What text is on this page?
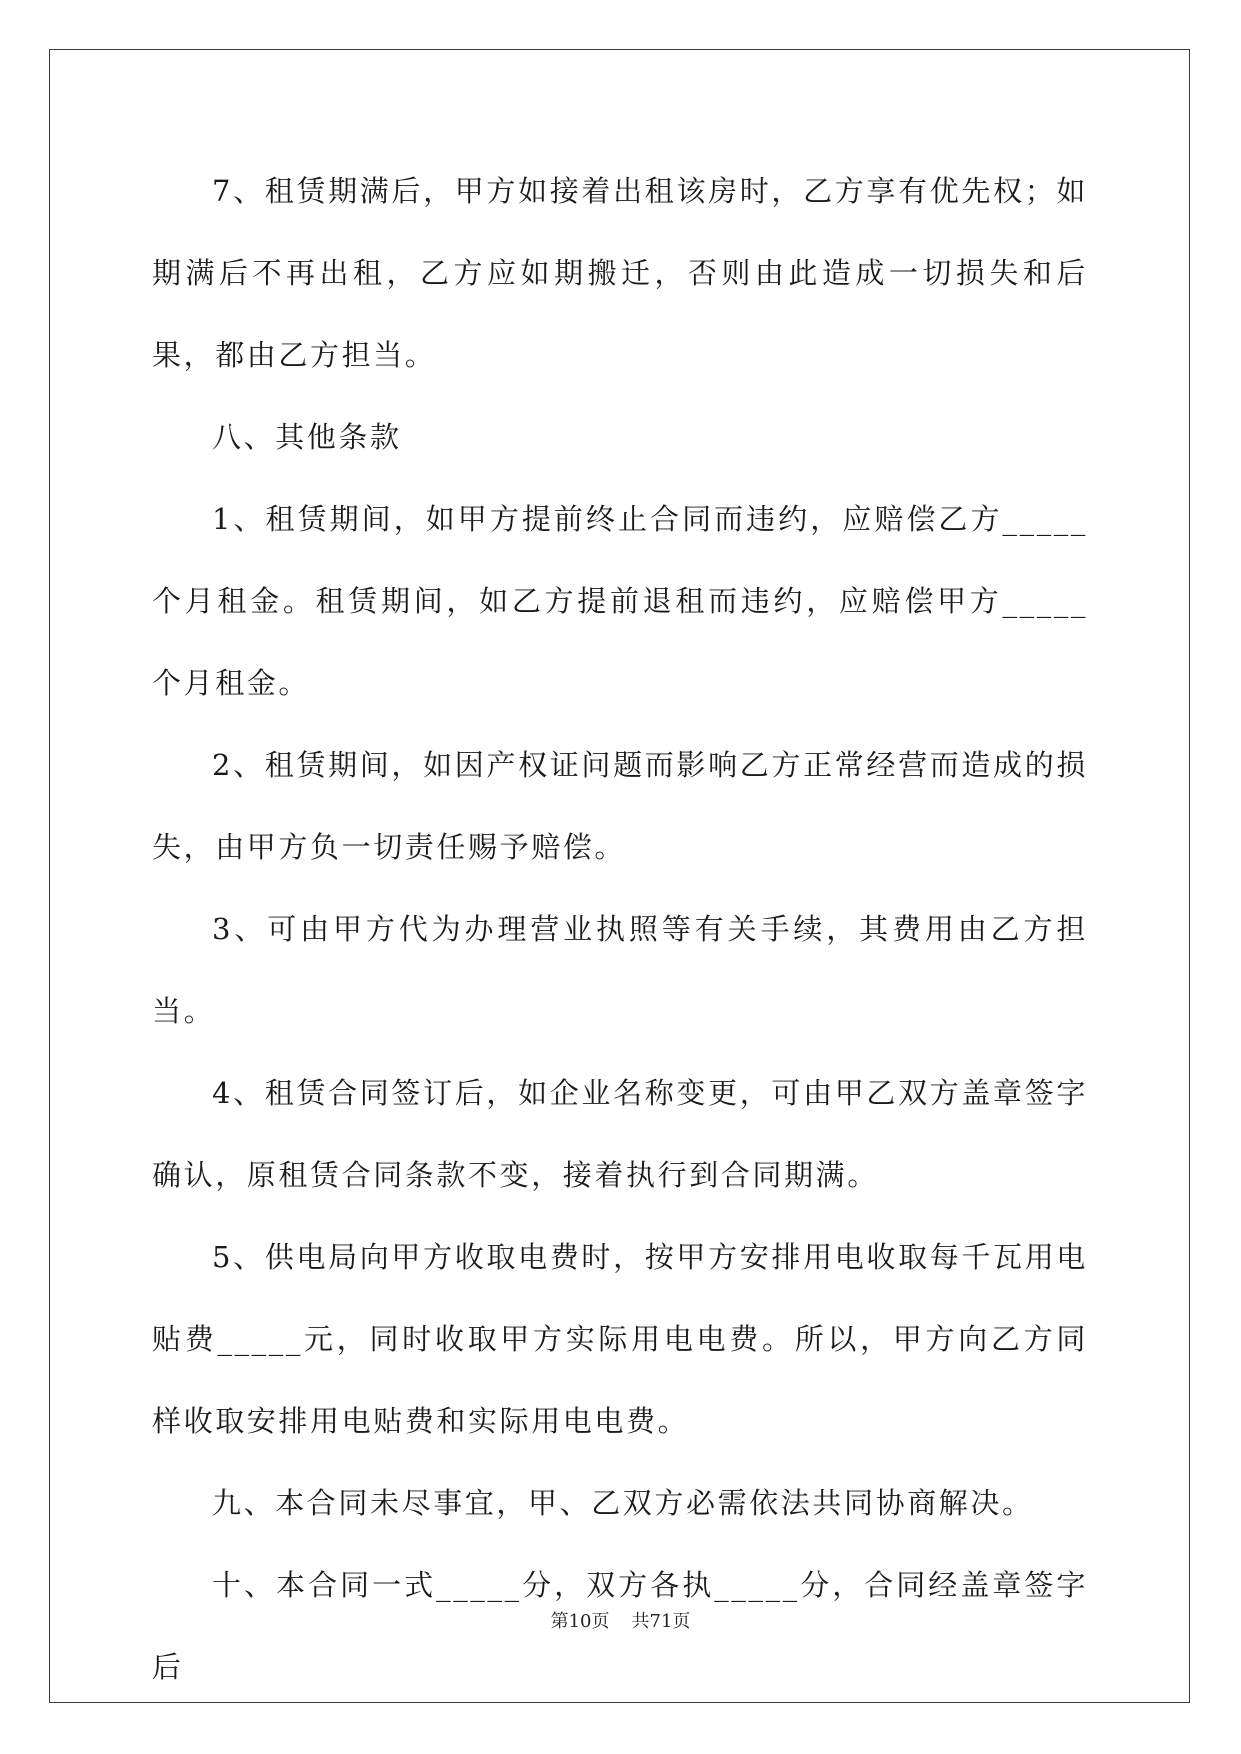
7、租赁期满后，甲方如接着出租该房时，乙方享有优先权；如期满后不再出租，乙方应如期搬迁，否则由此造成一切损失和后果，都由乙方担当。

八、其他条款

1、租赁期间，如甲方提前终止合同而违约，应赔偿乙方_____个月租金。租赁期间，如乙方提前退租而违约，应赔偿甲方_____个月租金。

2、租赁期间，如因产权证问题而影响乙方正常经营而造成的损失，由甲方负一切责任赐予赔偿。

3、可由甲方代为办理营业执照等有关手续，其费用由乙方担当。

4、租赁合同签订后，如企业名称变更，可由甲乙双方盖章签字确认，原租赁合同条款不变，接着执行到合同期满。

5、供电局向甲方收取电费时，按甲方安排用电收取每千瓦用电贴费_____元，同时收取甲方实际用电电费。所以，甲方向乙方同样收取安排用电贴费和实际用电电费。

九、本合同未尽事宜，甲、乙双方必需依法共同协商解决。

十、本合同一式_____分，双方各执_____分，合同经盖章签字后

第10页 共71页
